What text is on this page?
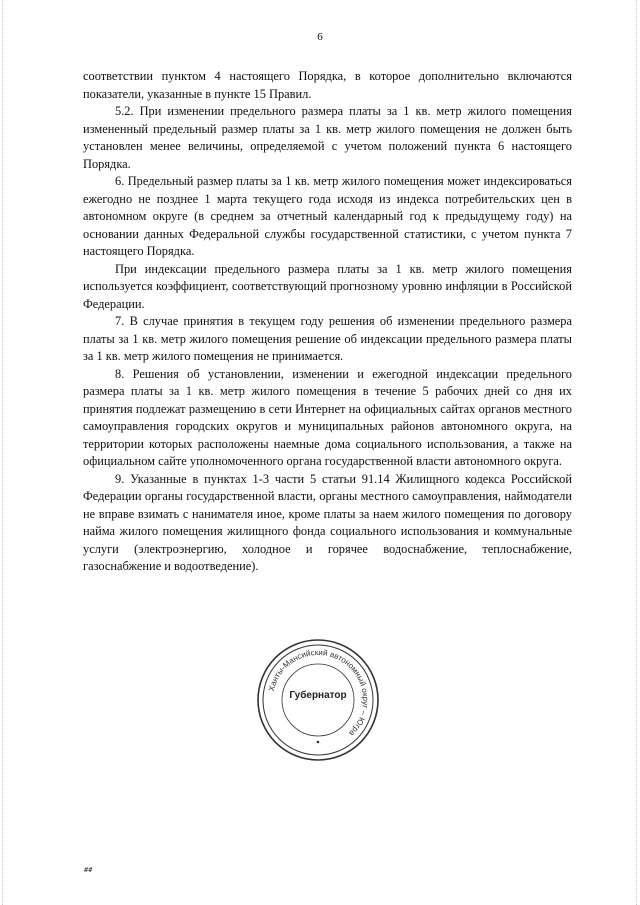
6

соответствии пунктом 4 настоящего Порядка, в которое дополнительно включаются показатели, указанные в пункте 15 Правил.

5.2. При изменении предельного размера платы за 1 кв. метр жилого помещения измененный предельный размер платы за 1 кв. метр жилого помещения не должен быть установлен менее величины, определяемой с учетом положений пункта 6 настоящего Порядка.

6. Предельный размер платы за 1 кв. метр жилого помещения может индексироваться ежегодно не позднее 1 марта текущего года исходя из индекса потребительских цен в автономном округе (в среднем за отчетный календарный год к предыдущему году) на основании данных Федеральной службы государственной статистики, с учетом пункта 7 настоящего Порядка.

При индексации предельного размера платы за 1 кв. метр жилого помещения используется коэффициент, соответствующий прогнозному уровню инфляции в Российской Федерации.

7. В случае принятия в текущем году решения об изменении предельного размера платы за 1 кв. метр жилого помещения решение об индексации предельного размера платы за 1 кв. метр жилого помещения не принимается.

8. Решения об установлении, изменении и ежегодной индексации предельного размера платы за 1 кв. метр жилого помещения в течение 5 рабочих дней со дня их принятия подлежат размещению в сети Интернет на официальных сайтах органов местного самоуправления городских округов и муниципальных районов автономного округа, на территории которых расположены наемные дома социального использования, а также на официальном сайте уполномоченного органа государственной власти автономного округа.

9. Указанные в пунктах 1-3 части 5 статьи 91.14 Жилищного кодекса Российской Федерации органы государственной власти, органы местного самоуправления, наймодатели не вправе взимать с нанимателя иное, кроме платы за наем жилого помещения по договору найма жилого помещения жилищного фонда социального использования и коммунальные услуги (электроэнергию, холодное и горячее водоснабжение, теплоснабжение, газоснабжение и водоотведение).

Ханты-Мансийский автономный округ – Югра
Губернатор
##
